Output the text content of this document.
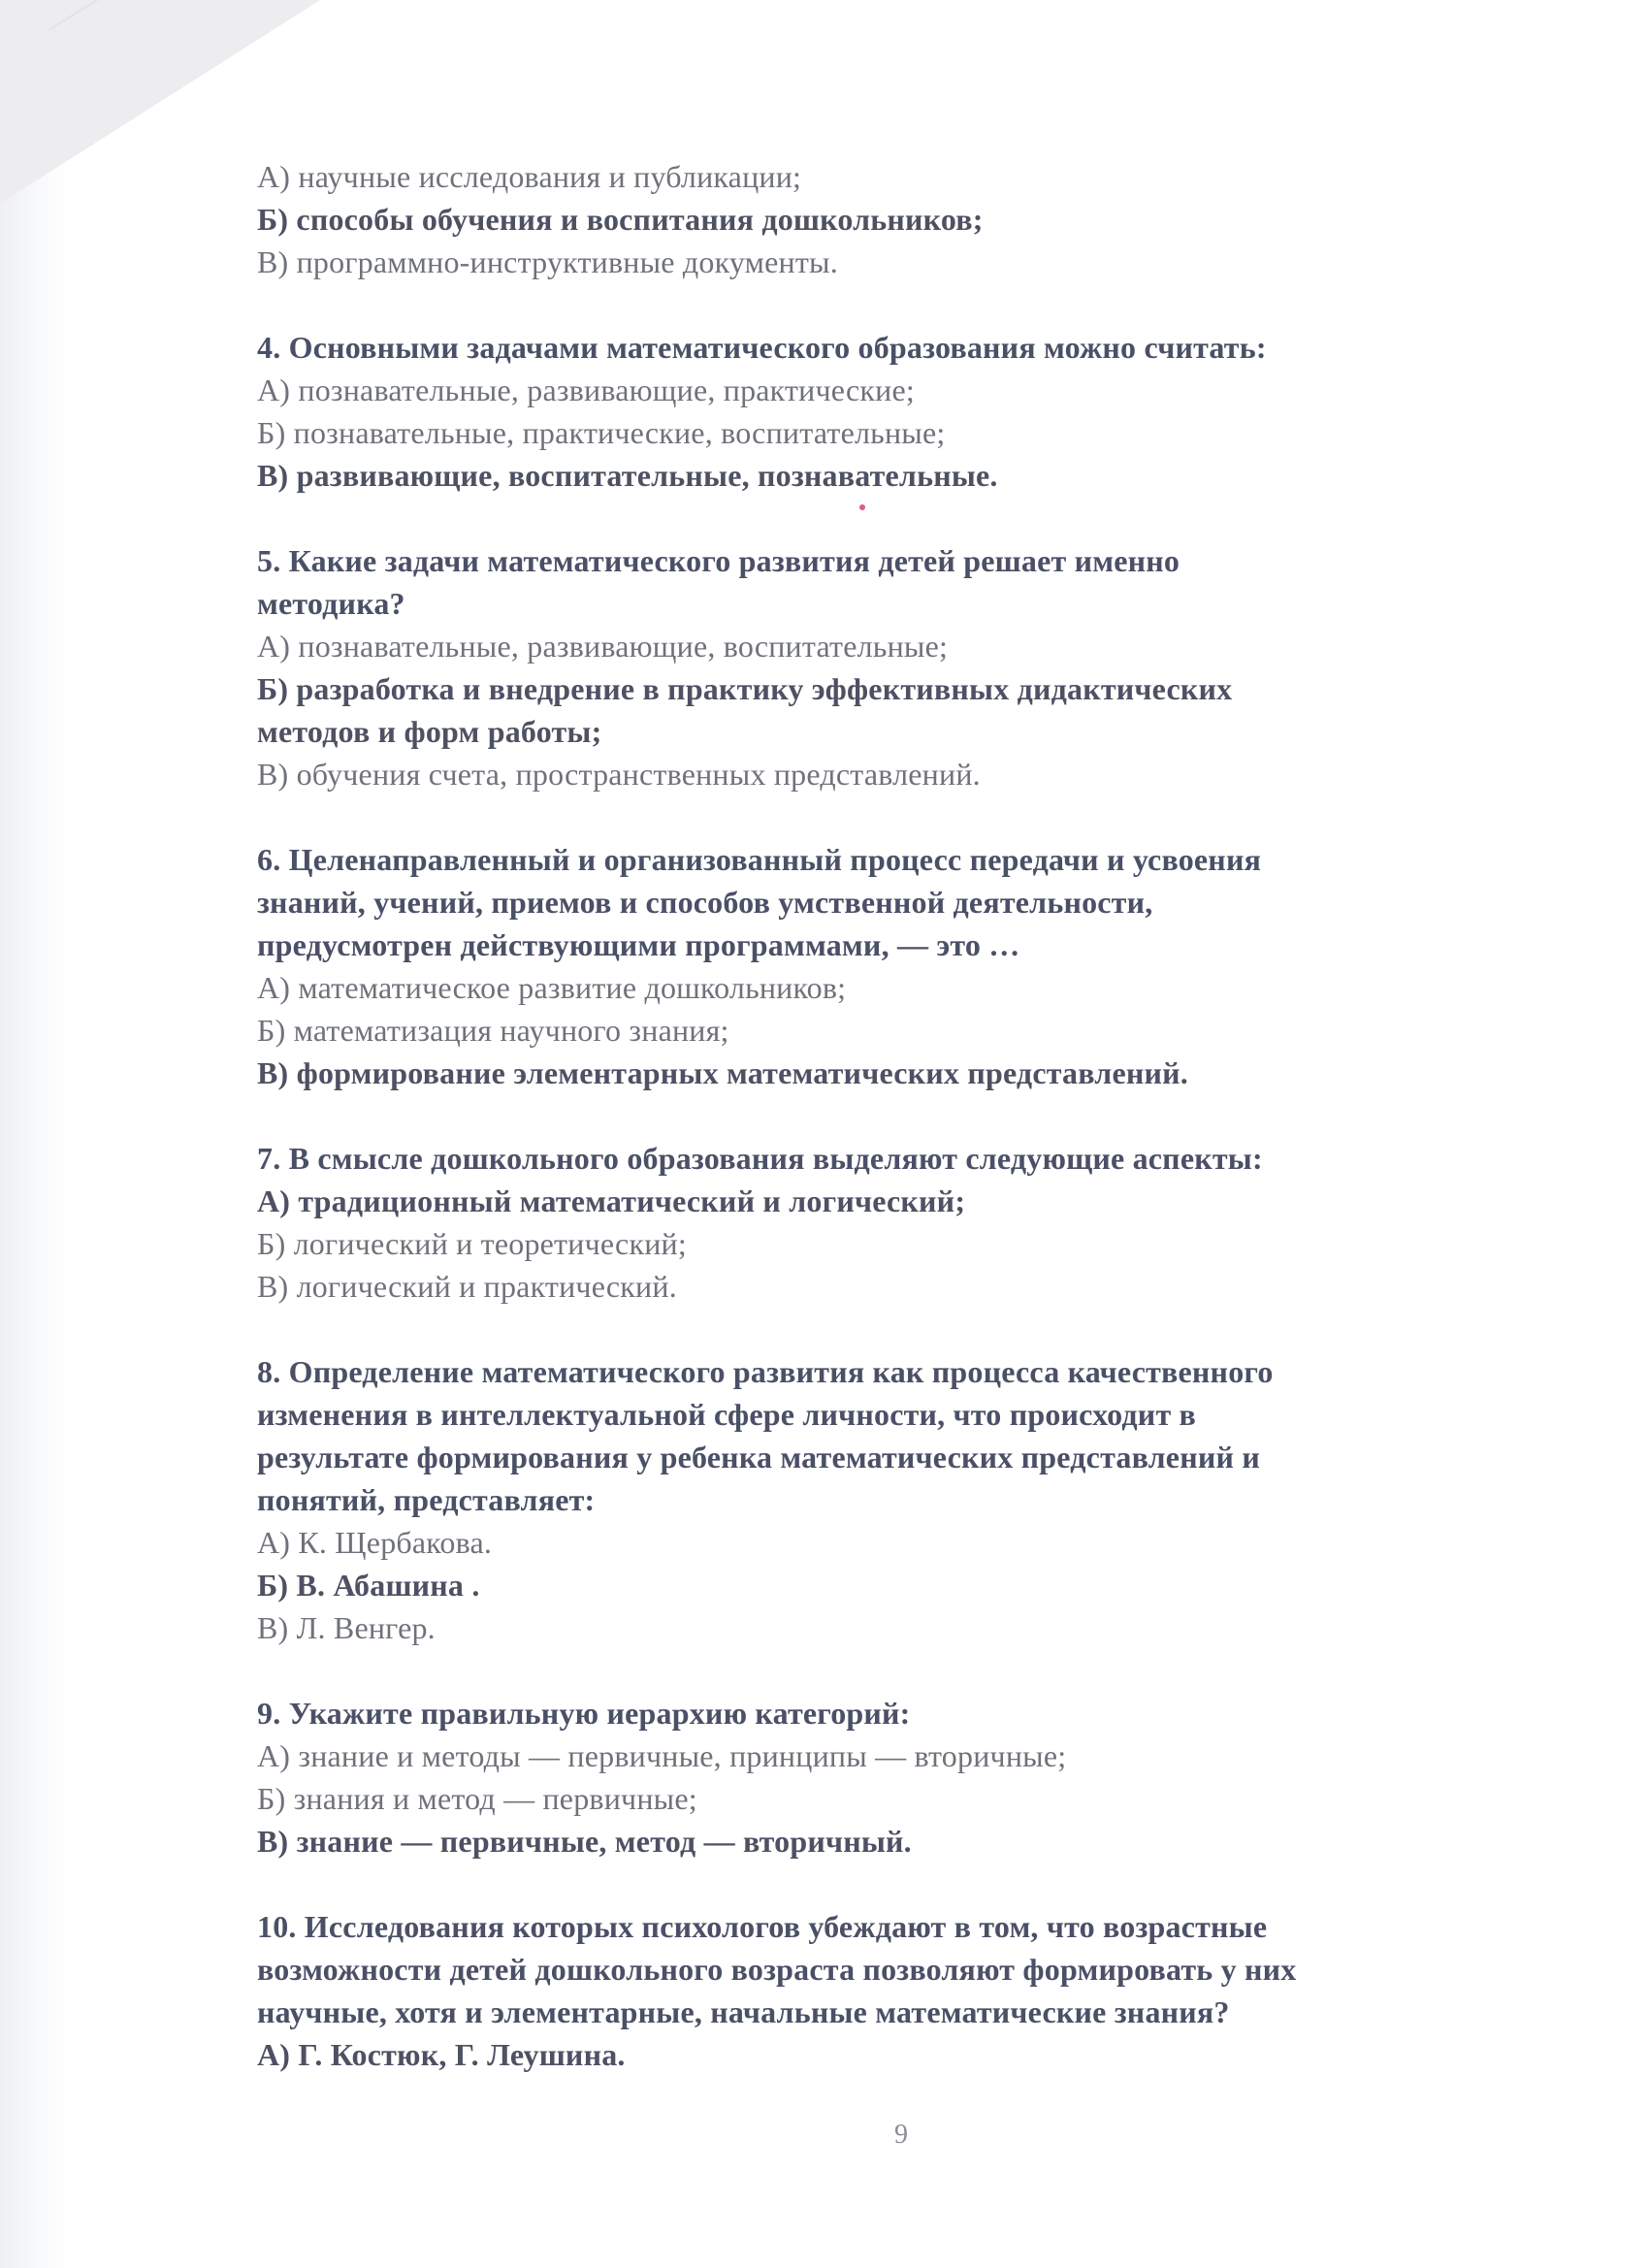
А) научные исследования и публикации;
Б) способы обучения и воспитания дошкольников;
В) программно-инструктивные документы.
4. Основными задачами математического образования можно считать:
А) познавательные, развивающие, практические;
Б) познавательные, практические, воспитательные;
В) развивающие, воспитательные, познавательные.
5. Какие задачи математического развития детей решает именно
методика?
А) познавательные, развивающие, воспитательные;
Б) разработка и внедрение в практику эффективных дидактических
методов и форм работы;
В) обучения счета, пространственных представлений.
6. Целенаправленный и организованный процесс передачи и усвоения
знаний, учений, приемов и способов умственной деятельности,
предусмотрен действующими программами, — это …
А) математическое развитие дошкольников;
Б) математизация научного знания;
В) формирование элементарных математических представлений.
7. В смысле дошкольного образования выделяют следующие аспекты:
А) традиционный математический и логический;
Б) логический и теоретический;
В) логический и практический.
8. Определение математического развития как процесса качественного
изменения в интеллектуальной сфере личности, что происходит в
результате формирования у ребенка математических представлений и
понятий, представляет:
А) К. Щербакова.
Б) В. Абашина .
В) Л. Венгер.
9. Укажите правильную иерархию категорий:
А) знание и методы — первичные, принципы — вторичные;
Б) знания и метод — первичные;
В) знание — первичные, метод — вторичный.
10. Исследования которых психологов убеждают в том, что возрастные
возможности детей дошкольного возраста позволяют формировать у них
научные, хотя и элементарные, начальные математические знания?
А) Г. Костюк, Г. Леушина.
9
